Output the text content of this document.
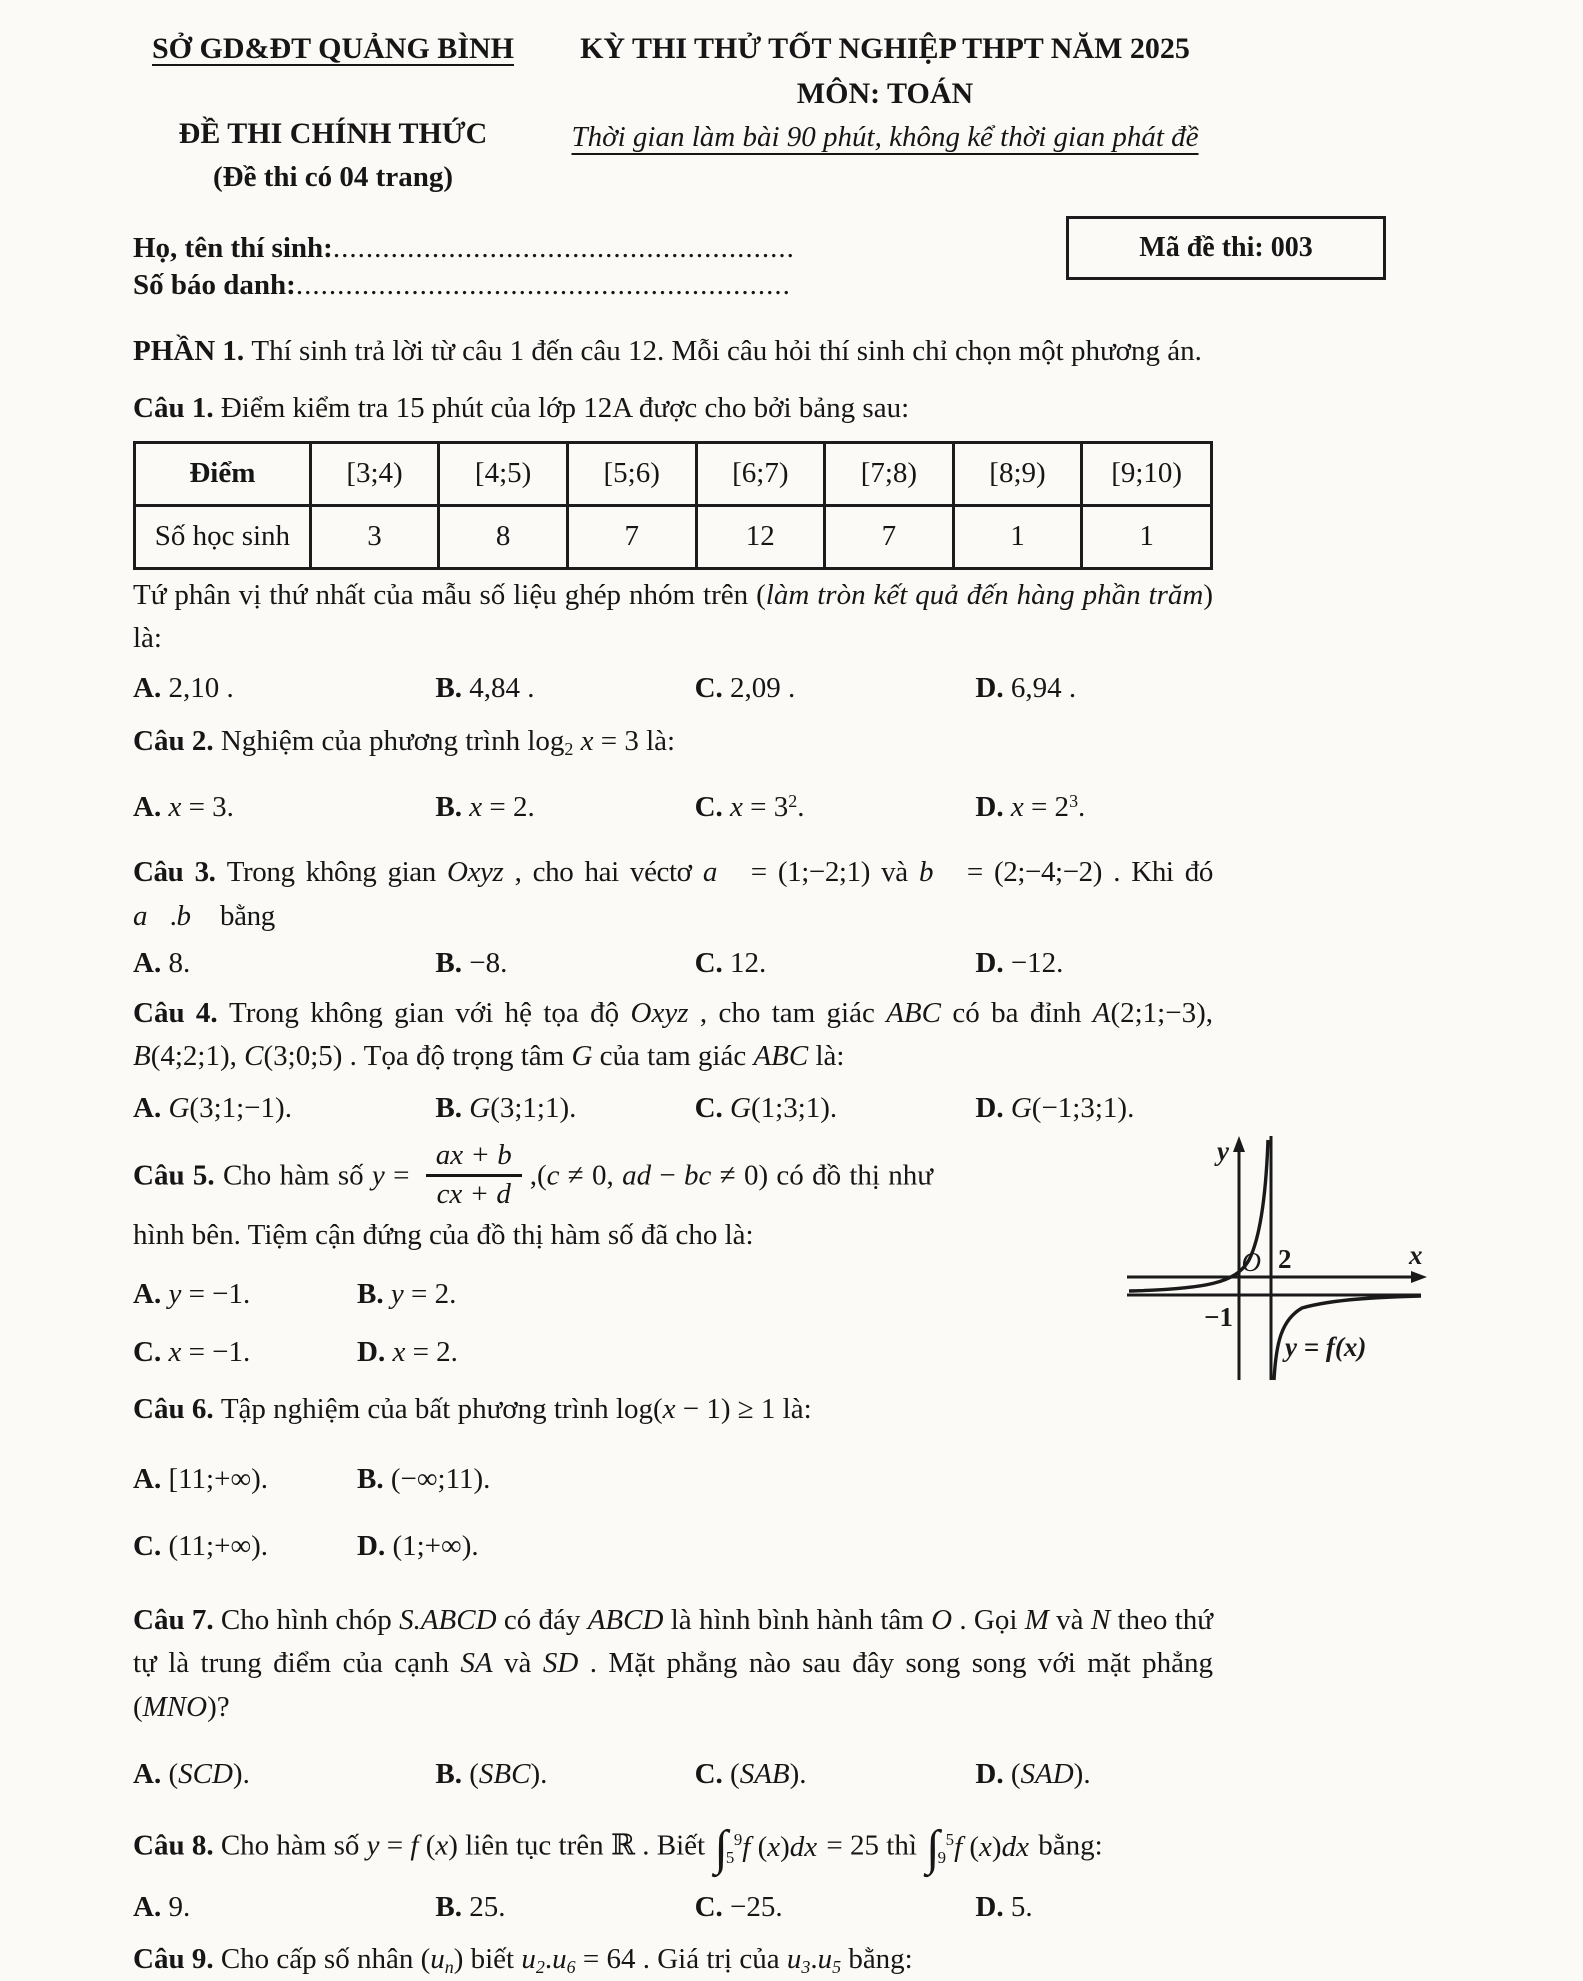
SỞ GD&ĐT QUẢNG BÌNH
ĐỀ THI CHÍNH THỨC
(Đề thi có 04 trang)
KỲ THI THỬ TỐT NGHIỆP THPT NĂM 2025
MÔN: TOÁN
Thời gian làm bài 90 phút, không kể thời gian phát đề
Họ, tên thí sinh:........................................................
Số báo danh:............................................................

PHẦN 1. Thí sinh trả lời từ câu 1 đến câu 12. Mỗi câu hỏi thí sinh chỉ chọn một phương án.

Câu 1. Điểm kiểm tra 15 phút của lớp 12A được cho bởi bảng sau:

Điểm	[3;4)	[4;5)	[5;6)	[6;7)	[7;8)	[8;9)	[9;10)
Số học sinh	3	8	7	12	7	1	1

Tứ phân vị thứ nhất của mẫu số liệu ghép nhóm trên (làm tròn kết quả đến hàng phần trăm) là:

A. 2,10 .	B. 4,84 .	C. 2,09 .	D. 6,94 .

Câu 2. Nghiệm của phương trình log2 x = 3 là:

A. x = 3.	B. x = 2.	C. $x = 3^2$.	D. $x = 2^3$.

Câu 3. Trong không gian Oxyz , cho hai véctơ a⃗ = (1;−2;1) và b⃗ = (2;−4;−2) . Khi đó a⃗.b⃗ bằng

A. 8.	B. −8.	C. 12.	D. −12.

Câu 4. Trong không gian với hệ tọa độ Oxyz , cho tam giác ABC có ba đỉnh A(2;1;−3), B(4;2;1), C(3;0;5) . Tọa độ trọng tâm G của tam giác ABC là:

A. G(3;1;−1).	B. G(3;1;1).	C. G(1;3;1).	D. G(−1;3;1).

Câu 5. Cho hàm số $y = \frac{ax + b}{cx + d} ,(c \ne 0$, ad − bc ≠ 0) có đồ thị như hình bên. Tiệm cận đứng của đồ thị hàm số đã cho là:

y
x
O 2
−1
y = f(x)
A. y = −1.	B. y = 2.
C. x = −1.	D. x = 2.

Câu 6. Tập nghiệm của bất phương trình log(x − 1) ≥ 1 là:

A. [11;+∞).	B. (−∞;11).
C. (11;+∞).	D. (1;+∞).

Câu 7. Cho hình chóp S.ABCD có đáy ABCD là hình bình hành tâm O . Gọi M và N theo thứ tự là trung điểm của cạnh SA và SD . Mặt phẳng nào sau đây song song với mặt phẳng (MNO)?

A. (SCD).	B. (SBC).	C. (SAB).	D. (SAD).

Câu 8. Cho hàm số y = f (x) liên tục trên ℝ . Biết ∫ 9
5 f (x)dx = 25 thì ∫ 5
9 f (x)dx bằng:

A. 9.	B. 25.	C. −25.	D. 5.

Câu 9. Cho cấp số nhân (un) biết u2.u6 = 64 . Giá trị của u3.u5 bằng:

Mã đề thi: 003
